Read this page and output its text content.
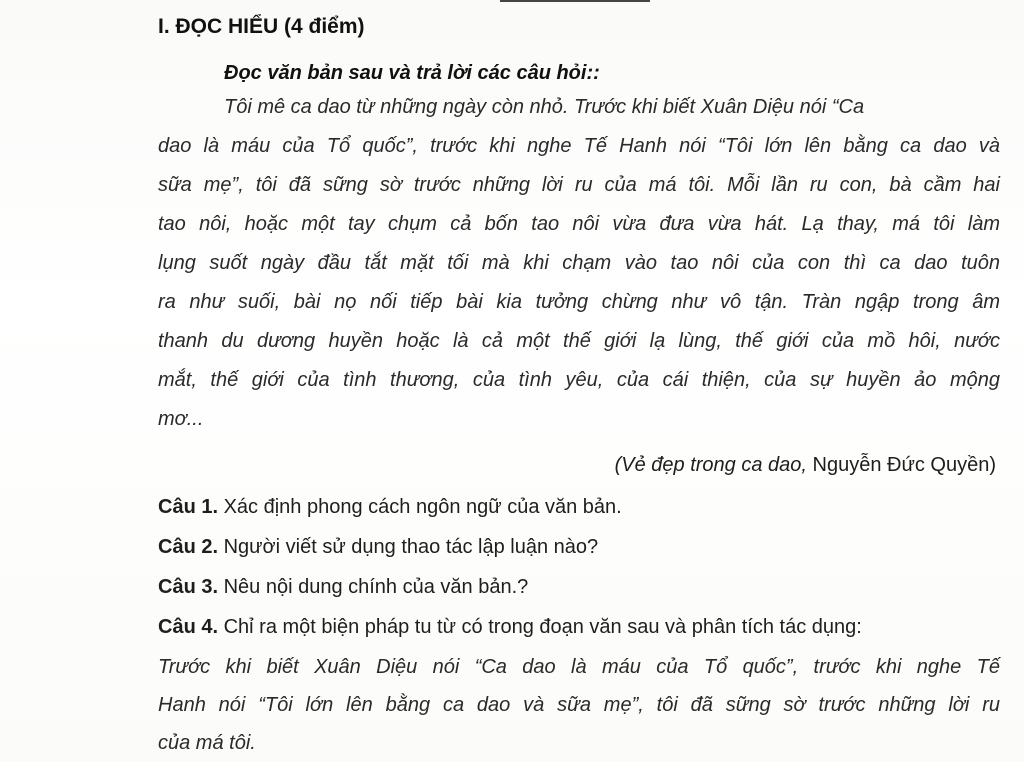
I. ĐỌC HIỂU (4 điểm)
Đọc văn bản sau và trả lời các câu hỏi::
Tôi mê ca dao từ những ngày còn nhỏ. Trước khi biết Xuân Diệu nói “Ca
dao là máu của Tổ quốc”, trước khi nghe Tế Hanh nói “Tôi lớn lên bằng ca dao và
sữa mẹ”, tôi đã sững sờ trước những lời ru của má tôi. Mỗi lần ru con, bà cầm hai
tao nôi, hoặc một tay chụm cả bốn tao nôi vừa đưa vừa hát. Lạ thay, má tôi làm
lụng suốt ngày đầu tắt mặt tối mà khi chạm vào tao nôi của con thì ca dao tuôn
ra như suối, bài nọ nối tiếp bài kia tưởng chừng như vô tận. Tràn ngập trong âm
thanh du dương huyền hoặc là cả một thế giới lạ lùng, thế giới của mồ hôi, nước
mắt, thế giới của tình thương, của tình yêu, của cái thiện, của sự huyền ảo mộng
mơ...
(Vẻ đẹp trong ca dao, Nguyễn Đức Quyền)
Câu 1. Xác định phong cách ngôn ngữ của văn bản.
Câu 2. Người viết sử dụng thao tác lập luận nào?
Câu 3. Nêu nội dung chính của văn bản.?
Câu 4. Chỉ ra một biện pháp tu từ có trong đoạn văn sau và phân tích tác dụng:
Trước khi biết Xuân Diệu nói “Ca dao là máu của Tổ quốc”, trước khi nghe Tế
Hanh nói “Tôi lớn lên bằng ca dao và sữa mẹ”, tôi đã sững sờ trước những lời ru
của má tôi.
